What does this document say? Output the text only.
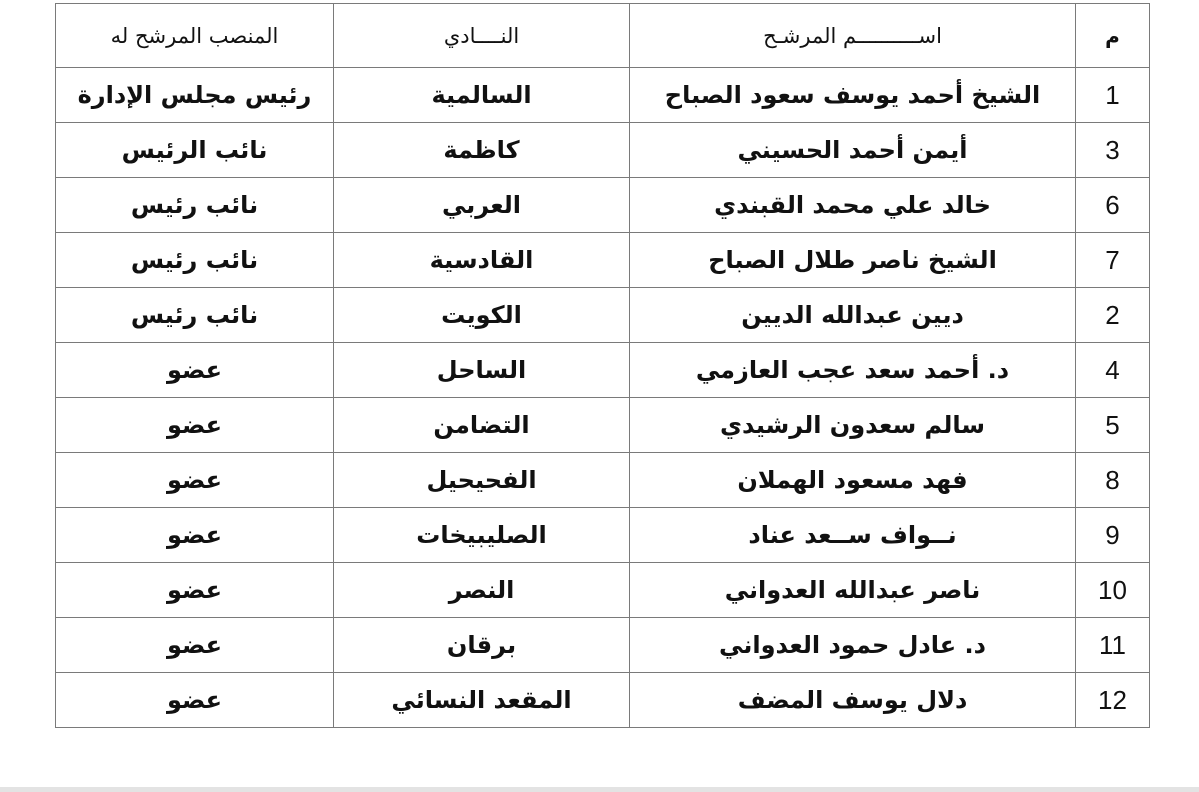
م	اســــــــــم المرشـح	النــــادي	المنصب المرشح له
1	الشيخ أحمد يوسف سعود الصباح	السالمية	رئيس مجلس الإدارة
3	أيمن أحمد الحسيني	كاظمة	نائب الرئيس
6	خالد علي محمد القبندي	العربي	نائب رئيس
7	الشيخ ناصر طلال الصباح	القادسية	نائب رئيس
2	ديين عبدالله الديين	الكويت	نائب رئيس
4	د. أحمد سعد عجب العازمي	الساحل	عضو
5	سالم سعدون الرشيدي	التضامن	عضو
8	فهد مسعود الهملان	الفحيحيل	عضو
9	نــواف ســعد عناد	الصليبيخات	عضو
10	ناصر عبدالله العدواني	النصر	عضو
11	د. عادل حمود العدواني	برقان	عضو
12	دلال يوسف المضف	المقعد النسائي	عضو
